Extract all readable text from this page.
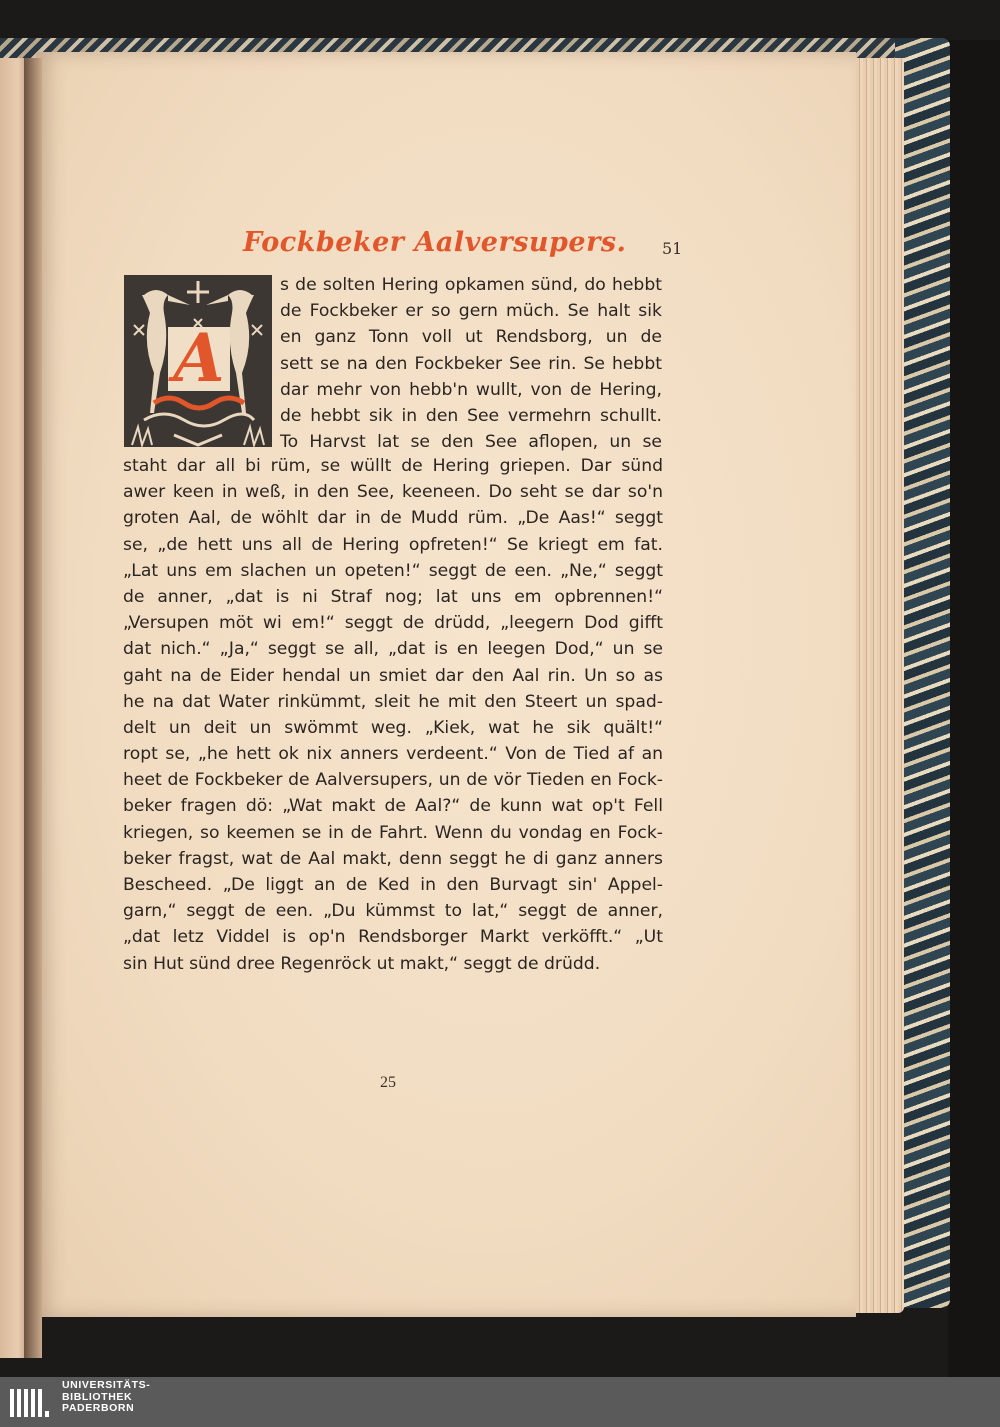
Fockbeker Aalversupers. 51
A
s de solten Hering opkamen sünd, do hebbt
de Fockbeker er so gern müch. Se halt sik
en ganz Tonn voll ut Rendsborg, un de
sett se na den Fockbeker See rin. Se hebbt
dar mehr von hebb'n wullt, von de Hering,
de hebbt sik in den See vermehrn schullt.
To Harvst lat se den See aflopen, un se
staht dar all bi rüm, se wüllt de Hering griepen. Dar sünd
awer keen in weß, in den See, keeneen. Do seht se dar so'n
groten Aal, de wöhlt dar in de Mudd rüm. „De Aas!“ seggt
se, „de hett uns all de Hering opfreten!“ Se kriegt em fat.
„Lat uns em slachen un opeten!“ seggt de een. „Ne,“ seggt
de anner, „dat is ni Straf nog; lat uns em opbrennen!“
„Versupen möt wi em!“ seggt de drüdd, „leegern Dod gifft
dat nich.“ „Ja,“ seggt se all, „dat is en leegen Dod,“ un se
gaht na de Eider hendal un smiet dar den Aal rin. Un so as
he na dat Water rinkümmt, sleit he mit den Steert un spad-
delt un deit un swömmt weg. „Kiek, wat he sik quält!“
ropt se, „he hett ok nix anners verdeent.“ Von de Tied af an
heet de Fockbeker de Aalversupers, un de vör Tieden en Fock-
beker fragen dö: „Wat makt de Aal?“ de kunn wat op't Fell
kriegen, so keemen se in de Fahrt. Wenn du vondag en Fock-
beker fragst, wat de Aal makt, denn seggt he di ganz anners
Bescheed. „De liggt an de Ked in den Burvagt sin' Appel-
garn,“ seggt de een. „Du kümmst to lat,“ seggt de anner,
„dat letz Viddel is op'n Rendsborger Markt verköfft.“ „Ut
sin Hut sünd dree Regenröck ut makt,“ seggt de drüdd.
25
UNIVERSITÄTS-
BIBLIOTHEK
PADERBORN
